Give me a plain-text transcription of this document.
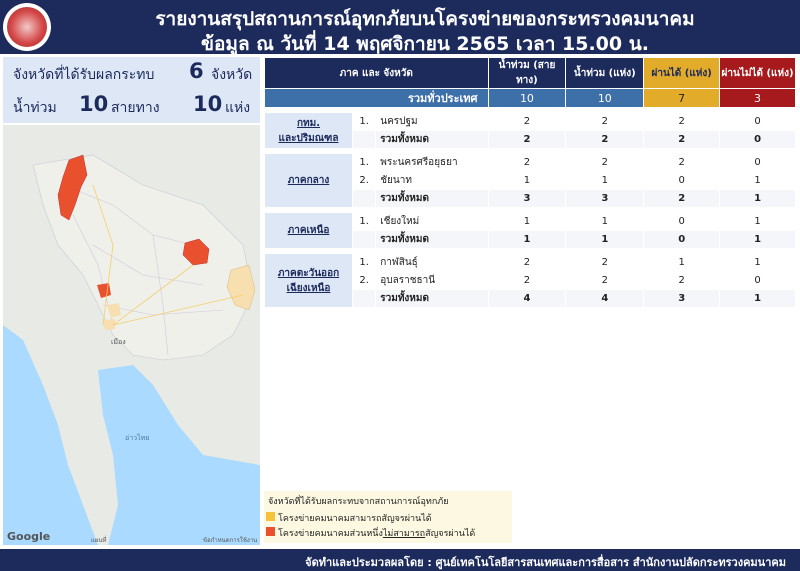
รายงานสรุปสถานการณ์อุทกภัยบนโครงข่ายของกระทรวงคมนาคม
ข้อมูล ณ วันที่ 14 พฤศจิกายน 2565 เวลา 15.00 น.
จังหวัดที่ได้รับผลกระทบ 6 จังหวัด
น้ำท่วม 10 สายทาง 10 แห่ง
เมือง
อ่าวไทย
Google	แผนที่	ข้อกำหนดการใช้งาน
ภาค และ จังหวัด			น้ำท่วม (สายทาง)	น้ำท่วม (แห่ง)	ผ่านได้ (แห่ง)	ผ่านไม่ได้ (แห่ง)
รวมทั่วประเทศ			10	10	7	3

กทม.
และปริมณฑล	1.	นครปฐม	2	2	2	0
		รวมทั้งหมด	2	2	2	0

ภาคกลาง	1.	พระนครศรีอยุธยา	2	2	2	0
	2.	ชัยนาท	1	1	0	1
		รวมทั้งหมด	3	3	2	1

ภาคเหนือ	1.	เชียงใหม่	1	1	0	1
		รวมทั้งหมด	1	1	0	1

ภาคตะวันออก
เฉียงเหนือ	1.	กาฬสินธุ์	2	2	1	1
	2.	อุบลราชธานี	2	2	2	0
		รวมทั้งหมด	4	4	3	1
จังหวัดที่ได้รับผลกระทบจากสถานการณ์อุทกภัย
โครงข่ายคมนาคมสามารถสัญจรผ่านได้
โครงข่ายคมนาคมส่วนหนึ่งไม่สามารถสัญจรผ่านได้
จัดทำและประมวลผลโดย : ศูนย์เทคโนโลยีสารสนเทศและการสื่อสาร สำนักงานปลัดกระทรวงคมนาคม
